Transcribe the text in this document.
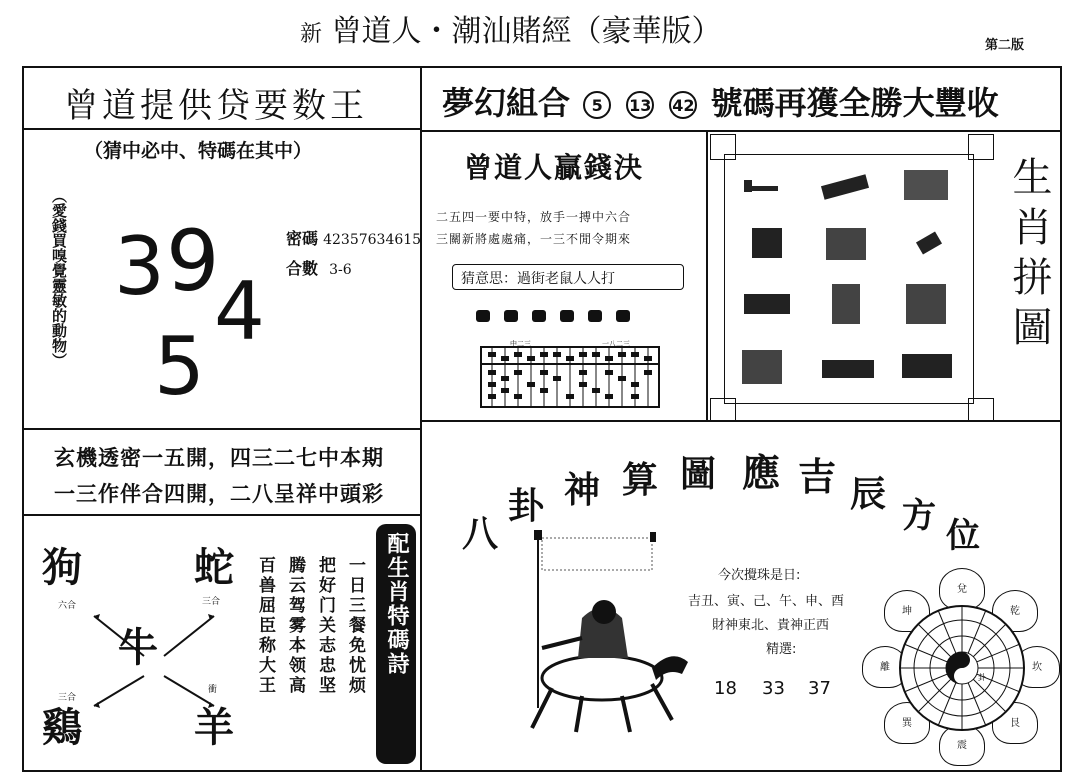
新 曾道人・潮汕賭經（豪華版）	第二版
曾道提供贷要数王
（猜中必中、特碼在其中）
（愛錢買嗅覺靈敏的動物） 3 9
4
5
密碼 42357634615
合數 3-6
玄機透密一五開，四三二七中本期
一三作伴合四開，二八呈祥中頭彩
狗	蛇
牛
鷄	羊
六合	三合
三合
衝	一日三餐免忧烦
把好门关志忠坚
腾云驾雾本领高
百兽屈臣称大王	配生肖特碼詩
夢幻組合 5 13 42 號碼再獲全勝大豐收
曾道人贏錢決
二五四一要中特，放手一搏中六合
三關新將處處痛，一三不閒令期來
猜意思：過街老鼠人人打
中二三	一八二三	生肖拼圖
八
卦 神 算 圖 應 吉 辰
方 位
今次攪珠是日:
吉丑、寅、己、午、申、酉
財神東北、貴神正西
精選:
18 33 37
兌
乾
坎
艮
震
巽
離
坤
卦
